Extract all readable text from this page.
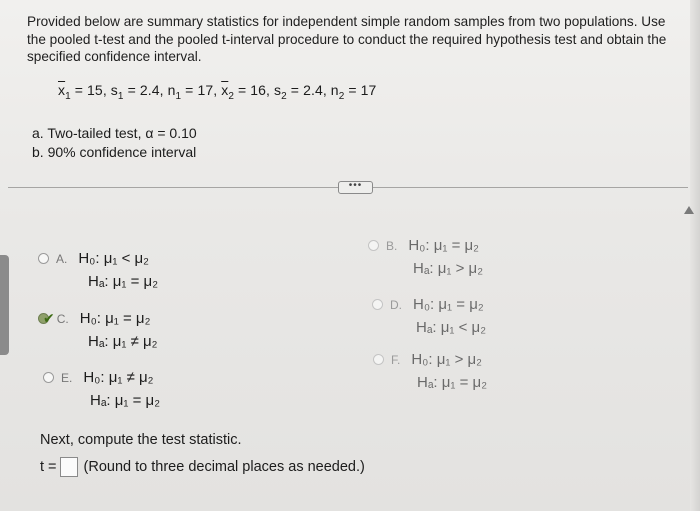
Provided below are summary statistics for independent simple random samples from two populations. Use the pooled t-test and the pooled t-interval procedure to conduct the required hypothesis test and obtain the specified confidence interval.

$\overline{x}_1 = 15$, $s_1 = 2.4$, $n_1 = 17$, $\overline{x}_2 = 16$, $s_2 = 2.4$, $n_2 = 17$
a. Two-tailed test, α = 0.10
b. 90% confidence interval
•••
A. H₀: μ₁ < μ₂
Hₐ: μ₁ = μ₂
B. H₀: μ₁ = μ₂
Hₐ: μ₁ > μ₂
✔ C. H₀: μ₁ = μ₂
Hₐ: μ₁ ≠ μ₂
D. H₀: μ₁ = μ₂
Hₐ: μ₁ < μ₂
E. H₀: μ₁ ≠ μ₂
Hₐ: μ₁ = μ₂
F. H₀: μ₁ > μ₂
Hₐ: μ₁ = μ₂
Next, compute the test statistic.
t = (Round to three decimal places as needed.)
